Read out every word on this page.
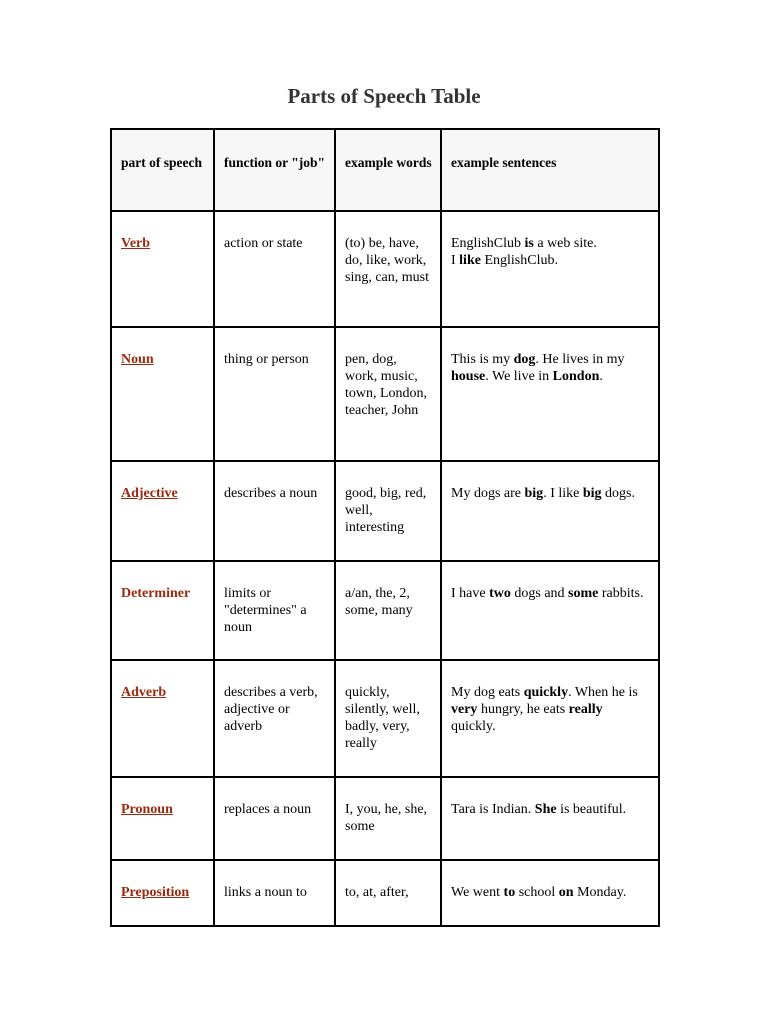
Parts of Speech Table
part of speech	function or "job"	example words	example sentences
Verb	action or state	(to) be, have, do, like, work, sing, can, must	EnglishClub is a web site.
I like EnglishClub.

Noun	thing or person	pen, dog, work, music, town, London, teacher, John	This is my dog. He lives in my house. We live in London.

Adjective	describes a noun	good, big, red, well, interesting	My dogs are big. I like big dogs.

Determiner	limits or "determines" a noun	a/an, the, 2, some, many	I have two dogs and some rabbits.

Adverb	describes a verb, adjective or adverb	quickly, silently, well, badly, very, really	My dog eats quickly. When he is very hungry, he eats really quickly.

Pronoun	replaces a noun	I, you, he, she, some	Tara is Indian. She is beautiful.

Preposition	links a noun to	to, at, after,	We went to school on Monday.
